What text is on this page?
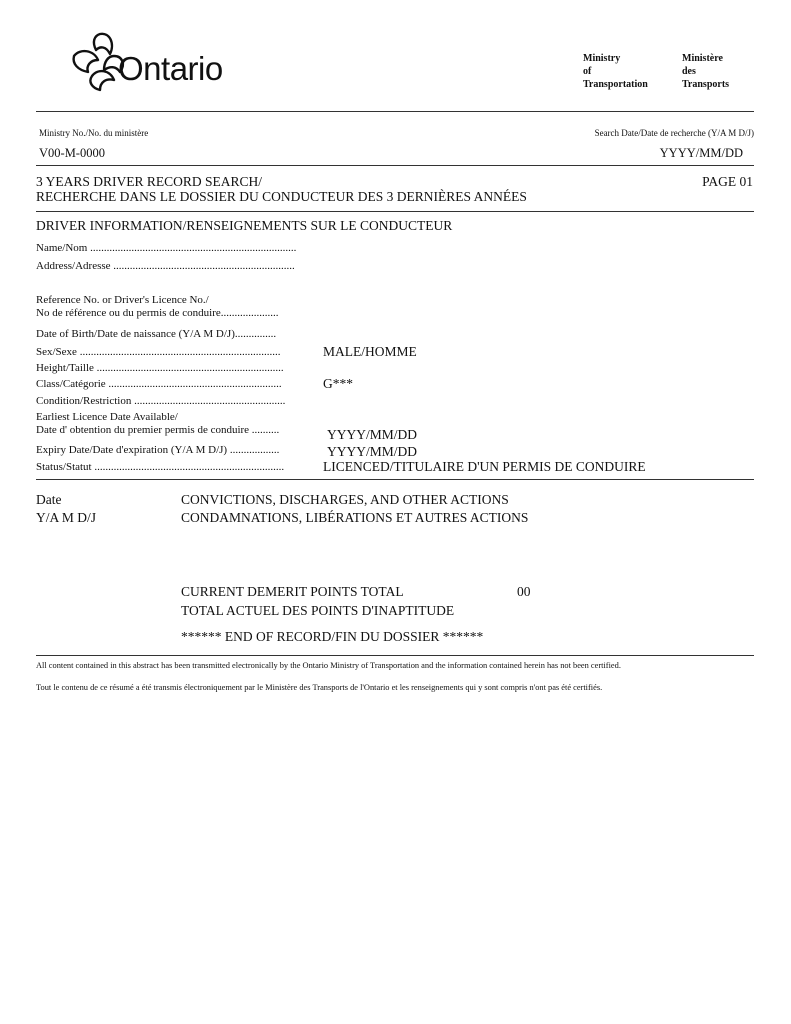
Ontario	Ministry
of
Transportation
Ministère
des
Transports
Ministry No./No. du ministère
V00-M-0000
Search Date/Date de recherche (Y/A M D/J)
YYYY/MM/DD
3 YEARS DRIVER RECORD SEARCH/
RECHERCHE DANS LE DOSSIER DU CONDUCTEUR DES 3 DERNIÈRES ANNÉES
PAGE 01
DRIVER INFORMATION/RENSEIGNEMENTS SUR LE CONDUCTEUR
Name/Nom ...........................................................................
Address/Adresse ..................................................................
Reference No. or Driver's Licence No./
No de référence ou du permis de conduire.....................
Date of Birth/Date de naissance (Y/A M D/J)...............
Sex/Sexe .........................................................................	MALE/HOMME
Height/Taille ....................................................................
Class/Catégorie ...............................................................	G***
Condition/Restriction .......................................................
Earliest Licence Date Available/
Date d' obtention du premier permis de conduire ..........	YYYY/MM/DD
Expiry Date/Date d'expiration (Y/A M D/J) ..................	YYYY/MM/DD
Status/Statut .....................................................................	LICENCED/TITULAIRE D'UN PERMIS DE CONDUIRE
Date
Y/A M D/J
CONVICTIONS, DISCHARGES, AND OTHER ACTIONS
CONDAMNATIONS, LIBÉRATIONS ET AUTRES ACTIONS
CURRENT DEMERIT POINTS TOTAL	00
TOTAL ACTUEL DES POINTS D'INAPTITUDE
****** END OF RECORD/FIN DU DOSSIER ******
All content contained in this abstract has been transmitted electronically by the Ontario Ministry of Transportation and the information contained herein has not been certified.
Tout le contenu de ce résumé a été transmis électroniquement par le Ministère des Transports de l'Ontario et les renseignements qui y sont compris n'ont pas été certifiés.
